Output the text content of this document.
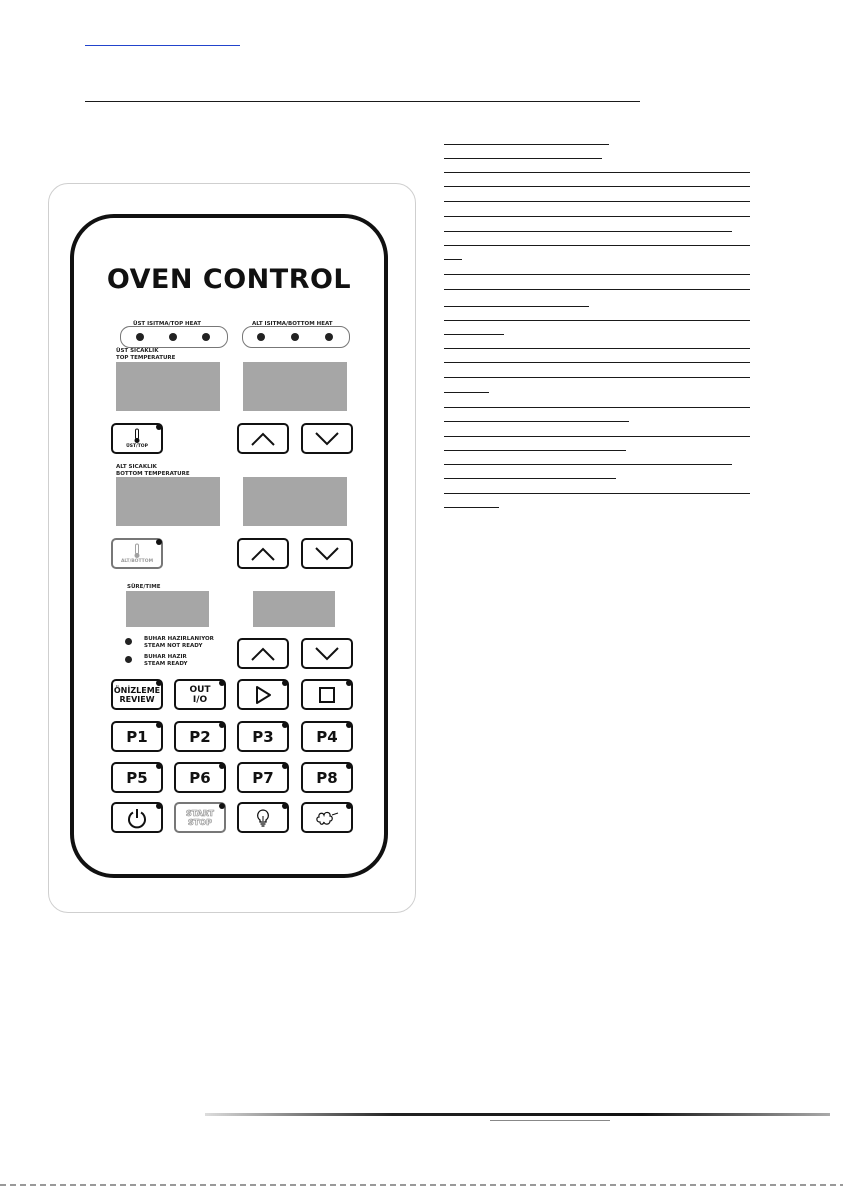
OVEN CONTROL
ÜST ISITMA/TOP HEAT	ALT ISITMA/BOTTOM HEAT
ÜST SICAKLIK
TOP TEMPERATURE
ÜST/TOP
ALT SICAKLIK
BOTTOM TEMPERATURE
ALT/BOTTOM
SÜRE/TIME
BUHAR HAZIRLANIYOR
STEAM NOT READY
BUHAR HAZIR
STEAM READY
ÖNİZLEME
REVIEW
OUT
I/O
P1	P2	P3	P4
P5	P6	P7	P8
START
STOP
